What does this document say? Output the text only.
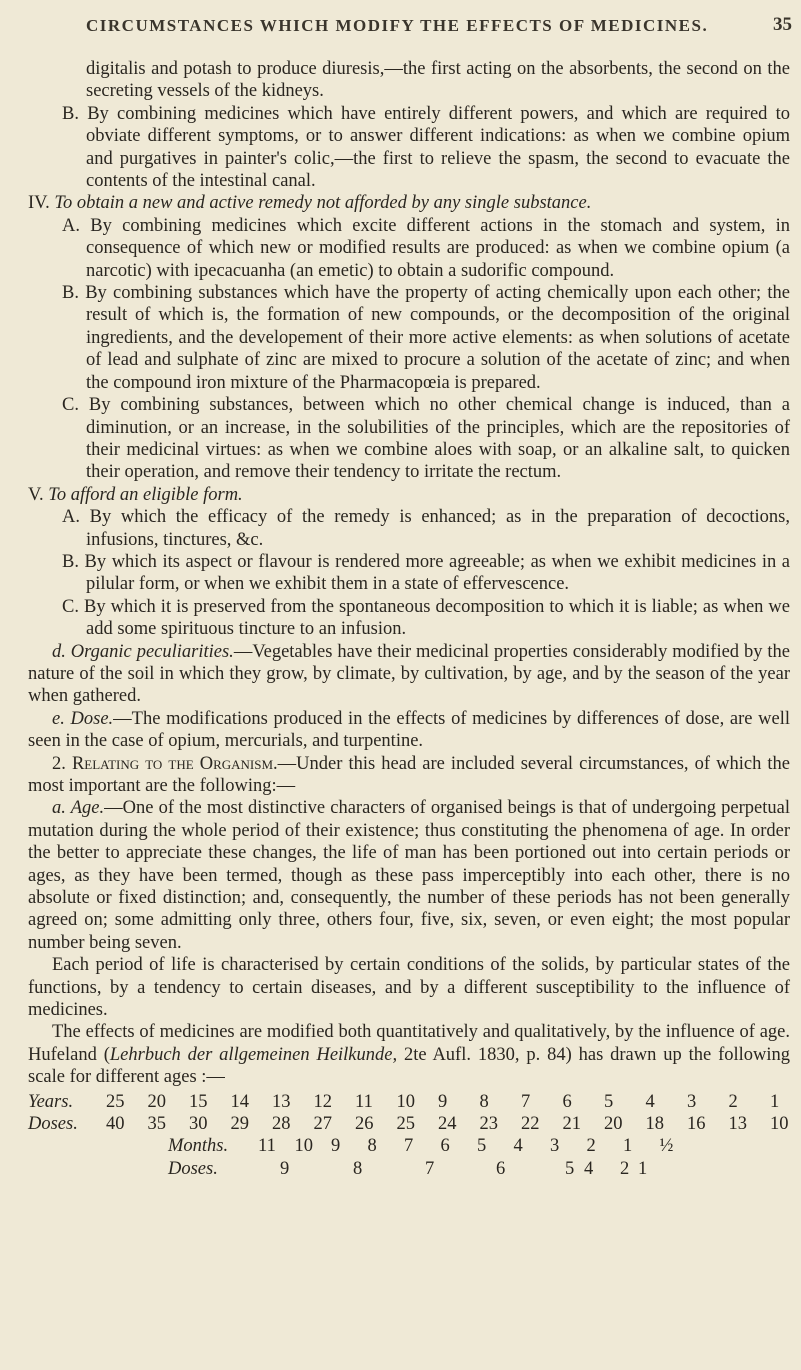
CIRCUMSTANCES WHICH MODIFY THE EFFECTS OF MEDICINES.	35

digitalis and potash to produce diuresis,—the first acting on the absorbents, the second on the secreting vessels of the kidneys.

B. By combining medicines which have entirely different powers, and which are required to obviate different symptoms, or to answer different indications: as when we combine opium and purgatives in painter's colic,—the first to relieve the spasm, the second to evacuate the contents of the intestinal canal.

IV. To obtain a new and active remedy not afforded by any single substance.

A. By combining medicines which excite different actions in the stomach and system, in consequence of which new or modified results are produced: as when we combine opium (a narcotic) with ipecacuanha (an emetic) to obtain a sudorific compound.

B. By combining substances which have the property of acting chemically upon each other; the result of which is, the formation of new compounds, or the decomposition of the original ingredients, and the developement of their more active elements: as when solutions of acetate of lead and sulphate of zinc are mixed to procure a solution of the acetate of zinc; and when the compound iron mixture of the Pharmacopœia is prepared.

C. By combining substances, between which no other chemical change is induced, than a diminution, or an increase, in the solubilities of the principles, which are the repositories of their medicinal virtues: as when we combine aloes with soap, or an alkaline salt, to quicken their operation, and remove their tendency to irritate the rectum.

V. To afford an eligible form.

A. By which the efficacy of the remedy is enhanced; as in the preparation of decoctions, infusions, tinctures, &c.

B. By which its aspect or flavour is rendered more agreeable; as when we exhibit medicines in a pilular form, or when we exhibit them in a state of effervescence.

C. By which it is preserved from the spontaneous decomposition to which it is liable; as when we add some spirituous tincture to an infusion.

d. Organic peculiarities.—Vegetables have their medicinal properties considerably modified by the nature of the soil in which they grow, by climate, by cultivation, by age, and by the season of the year when gathered.

e. Dose.—The modifications produced in the effects of medicines by differences of dose, are well seen in the case of opium, mercurials, and turpentine.

2. Relating to the Organism.—Under this head are included several circumstances, of which the most important are the following:—

a. Age.—One of the most distinctive characters of organised beings is that of undergoing perpetual mutation during the whole period of their existence; thus constituting the phenomena of age. In order the better to appreciate these changes, the life of man has been portioned out into certain periods or ages, as they have been termed, though as these pass imperceptibly into each other, there is no absolute or fixed distinction; and, consequently, the number of these periods has not been generally agreed on; some admitting only three, others four, five, six, seven, or even eight; the most popular number being seven.

Each period of life is characterised by certain conditions of the solids, by particular states of the functions, by a tendency to certain diseases, and by a different susceptibility to the influence of medicines.

The effects of medicines are modified both quantitatively and qualitatively, by the influence of age. Hufeland (Lehrbuch der allgemeinen Heilkunde, 2te Aufl. 1830, p. 84) has drawn up the following scale for different ages :—

Years. 25 20 15 14 13 12 11 10 9 8 7 6 5 4 3 2 1
Doses. 40 35 30 29 28 27 26 25 24 23 22 21 20 18 16 13 10
Months. 11 10 9 8 7 6 5 4 3 2 1 ½
Doses.	9	8	7	6	5 4 2 1
